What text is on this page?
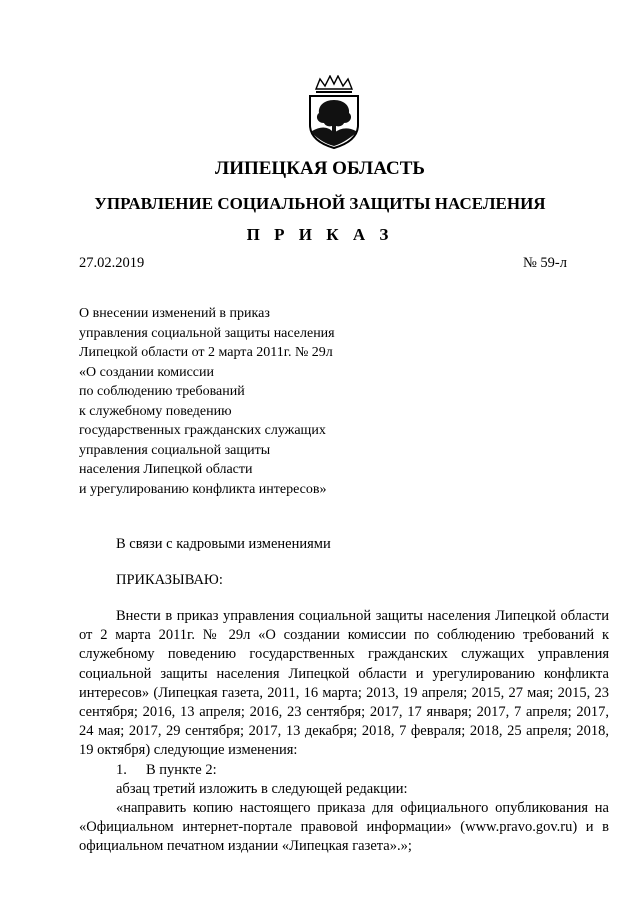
ЛИПЕЦКАЯ ОБЛАСТЬ
УПРАВЛЕНИЕ СОЦИАЛЬНОЙ ЗАЩИТЫ НАСЕЛЕНИЯ
П Р И К А З
27.02.2019	№ 59-л
О внесении изменений в приказ
управления социальной защиты населения
Липецкой области от 2 марта 2011г. № 29л
«О создании комиссии
по соблюдению требований
к служебному поведению
государственных гражданских служащих
управления социальной защиты
населения Липецкой области
и урегулированию конфликта интересов»
В связи с кадровыми изменениями
ПРИКАЗЫВАЮ:

Внести в приказ управления социальной защиты населения Липецкой области от 2 марта 2011г. № 29л «О создании комиссии по соблюдению требований к служебному поведению государственных гражданских служащих управления социальной защиты населения Липецкой области и урегулированию конфликта интересов» (Липецкая газета, 2011, 16 марта; 2013, 19 апреля; 2015, 27 мая; 2015, 23 сентября; 2016, 13 апреля; 2016, 23 сентября; 2017, 17 января; 2017, 7 апреля; 2017, 24 мая; 2017, 29 сентября; 2017, 13 декабря; 2018, 7 февраля; 2018, 25 апреля; 2018, 19 октября) следующие изменения:

1. В пункте 2:

абзац третий изложить в следующей редакции:

«направить копию настоящего приказа для официального опубликования на «Официальном интернет-портале правовой информации» (www.pravo.gov.ru) и в официальном печатном издании «Липецкая газета».»;
